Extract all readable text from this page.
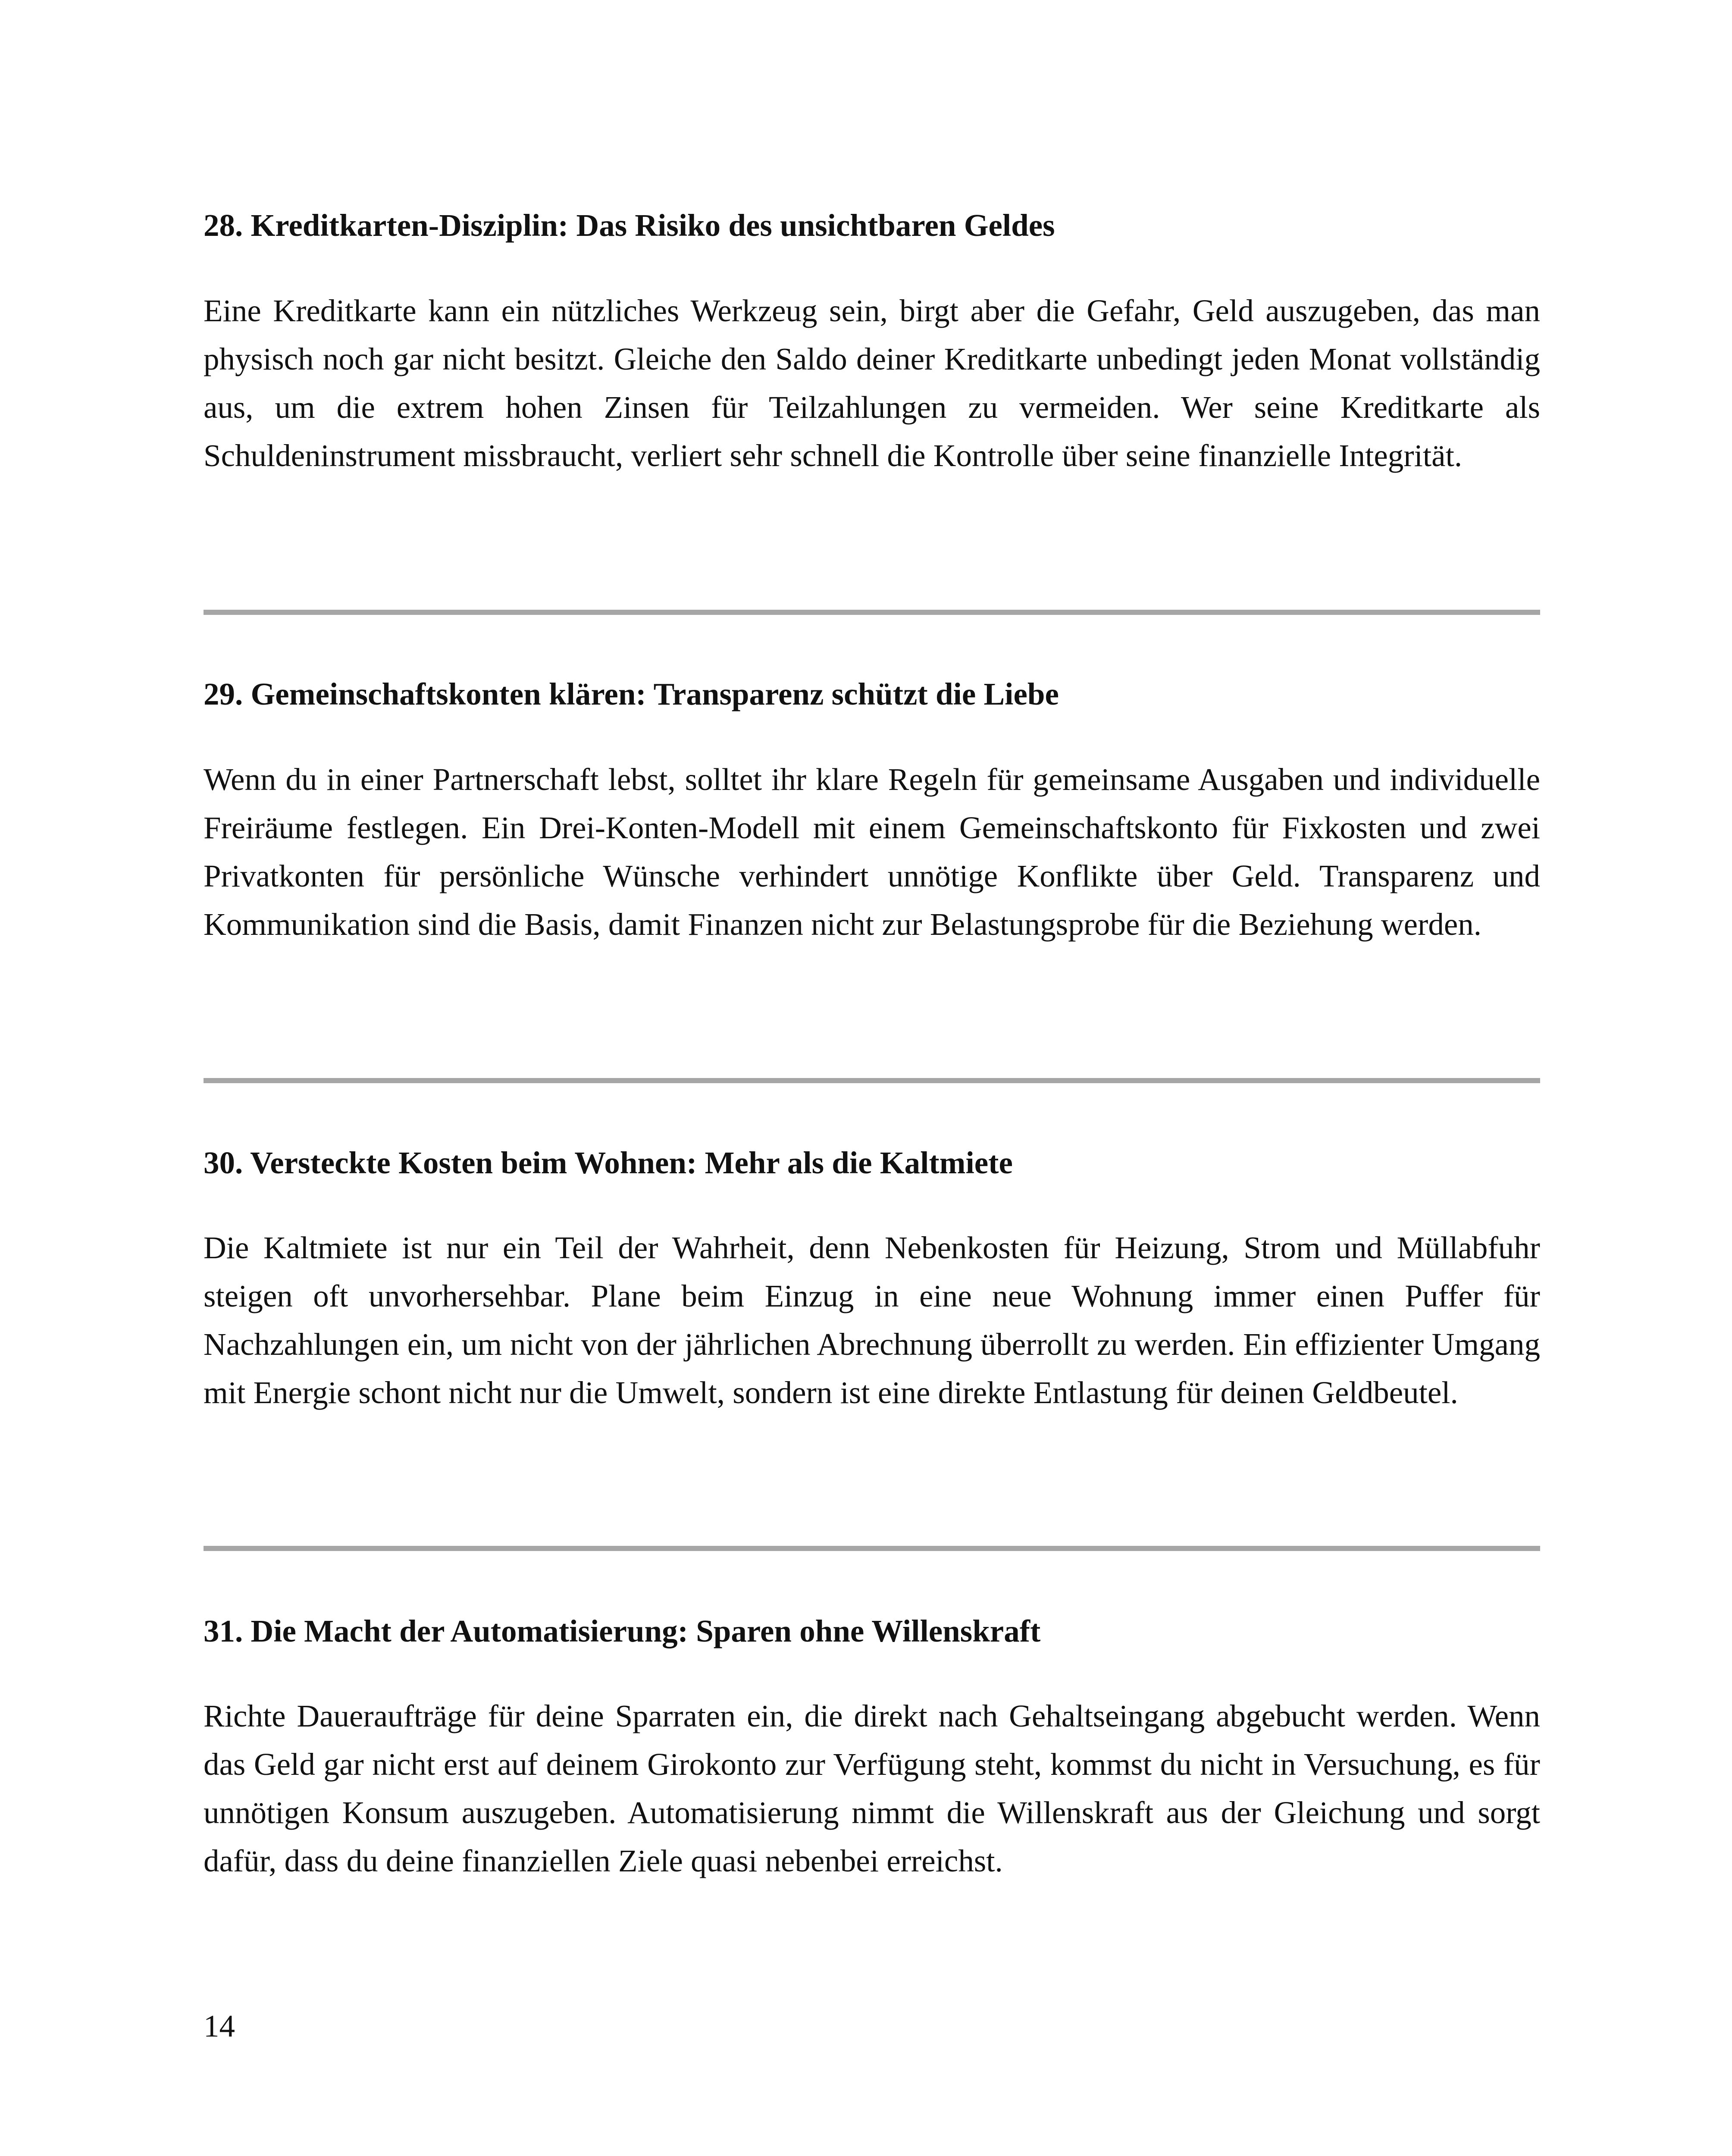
28. Kreditkarten-Disziplin: Das Risiko des unsichtbaren Geldes

Eine Kreditkarte kann ein nützliches Werkzeug sein, birgt aber die Gefahr, Geld auszugeben, das man physisch noch gar nicht besitzt. Gleiche den Saldo deiner Kreditkarte unbedingt jeden Monat vollständig aus, um die extrem hohen Zinsen für Teilzahlungen zu vermeiden. Wer seine Kreditkarte als Schuldeninstrument missbraucht, verliert sehr schnell die Kontrolle über seine finanzielle Integrität.

29. Gemeinschaftskonten klären: Transparenz schützt die Liebe

Wenn du in einer Partnerschaft lebst, solltet ihr klare Regeln für gemeinsame Ausgaben und individuelle Freiräume festlegen. Ein Drei-Konten-Modell mit einem Gemeinschaftskonto für Fixkosten und zwei Privatkonten für persönliche Wünsche verhindert unnötige Konflikte über Geld. Transparenz und Kommunikation sind die Basis, damit Finanzen nicht zur Belastungsprobe für die Beziehung werden.

30. Versteckte Kosten beim Wohnen: Mehr als die Kaltmiete

Die Kaltmiete ist nur ein Teil der Wahrheit, denn Nebenkosten für Heizung, Strom und Müllabfuhr steigen oft unvorhersehbar. Plane beim Einzug in eine neue Wohnung immer einen Puffer für Nachzahlungen ein, um nicht von der jährlichen Abrechnung überrollt zu werden. Ein effizienter Umgang mit Energie schont nicht nur die Umwelt, sondern ist eine direkte Entlastung für deinen Geldbeutel.

31. Die Macht der Automatisierung: Sparen ohne Willenskraft

Richte Daueraufträge für deine Sparraten ein, die direkt nach Gehaltseingang abgebucht werden. Wenn das Geld gar nicht erst auf deinem Girokonto zur Verfügung steht, kommst du nicht in Versuchung, es für unnötigen Konsum auszugeben. Automatisierung nimmt die Willenskraft aus der Gleichung und sorgt dafür, dass du deine finanziellen Ziele quasi nebenbei erreichst.

14
